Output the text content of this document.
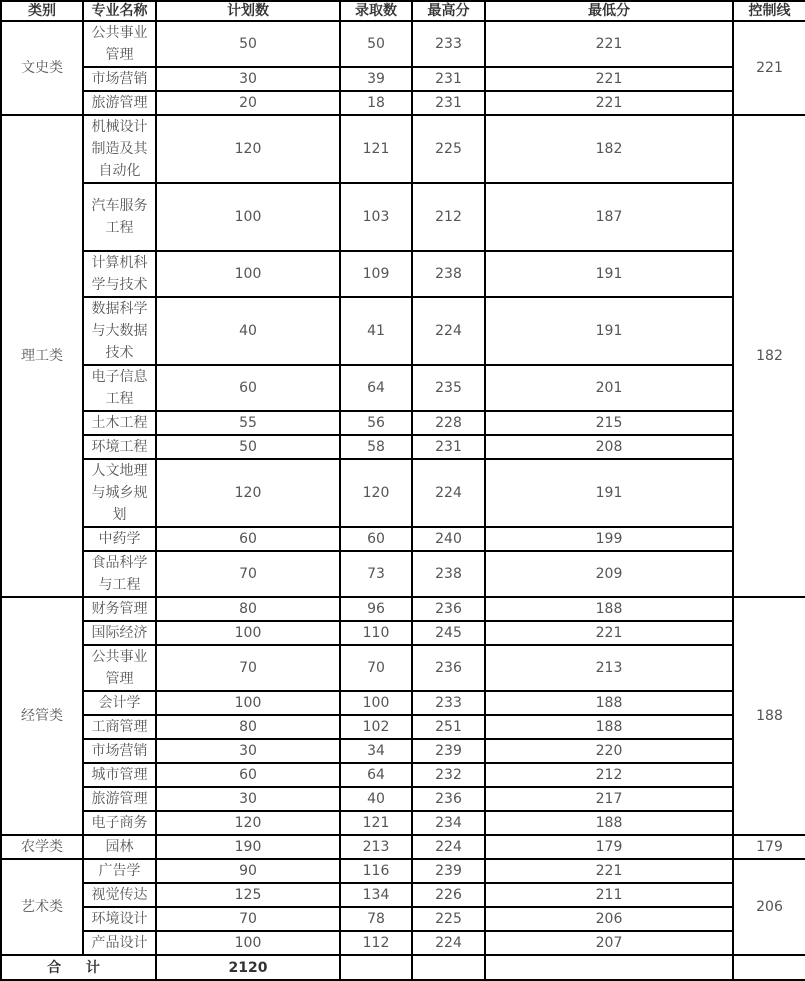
类别	专业名称	计划数	录取数	最高分	最低分	控制线
文史类	公共事业管理	50	50	233	221	221
	市场营销	30	39	231	221	
	旅游管理	20	18	231	221	
理工类	机械设计制造及其自动化	120	121	225	182	182
	汽车服务工程	100	103	212	187	
	计算机科学与技术	100	109	238	191	
	数据科学与大数据技术	40	41	224	191	
	电子信息工程	60	64	235	201	
	土木工程	55	56	228	215	
	环境工程	50	58	231	208	
	人文地理与城乡规划	120	120	224	191	
	中药学	60	60	240	199	
	食品科学与工程	70	73	238	209	
经管类	财务管理	80	96	236	188	188
	国际经济	100	110	245	221	
	公共事业管理	70	70	236	213	
	会计学	100	100	233	188	
	工商管理	80	102	251	188	
	市场营销	30	34	239	220	
	城市管理	60	64	232	212	
	旅游管理	30	40	236	217	
	电子商务	120	121	234	188	
农学类	园林	190	213	224	179	179
艺术类	广告学	90	116	239	221	206
	视觉传达	125	134	226	211	
	环境设计	70	78	225	206	
	产品设计	100	112	224	207	
合 计		2120				
